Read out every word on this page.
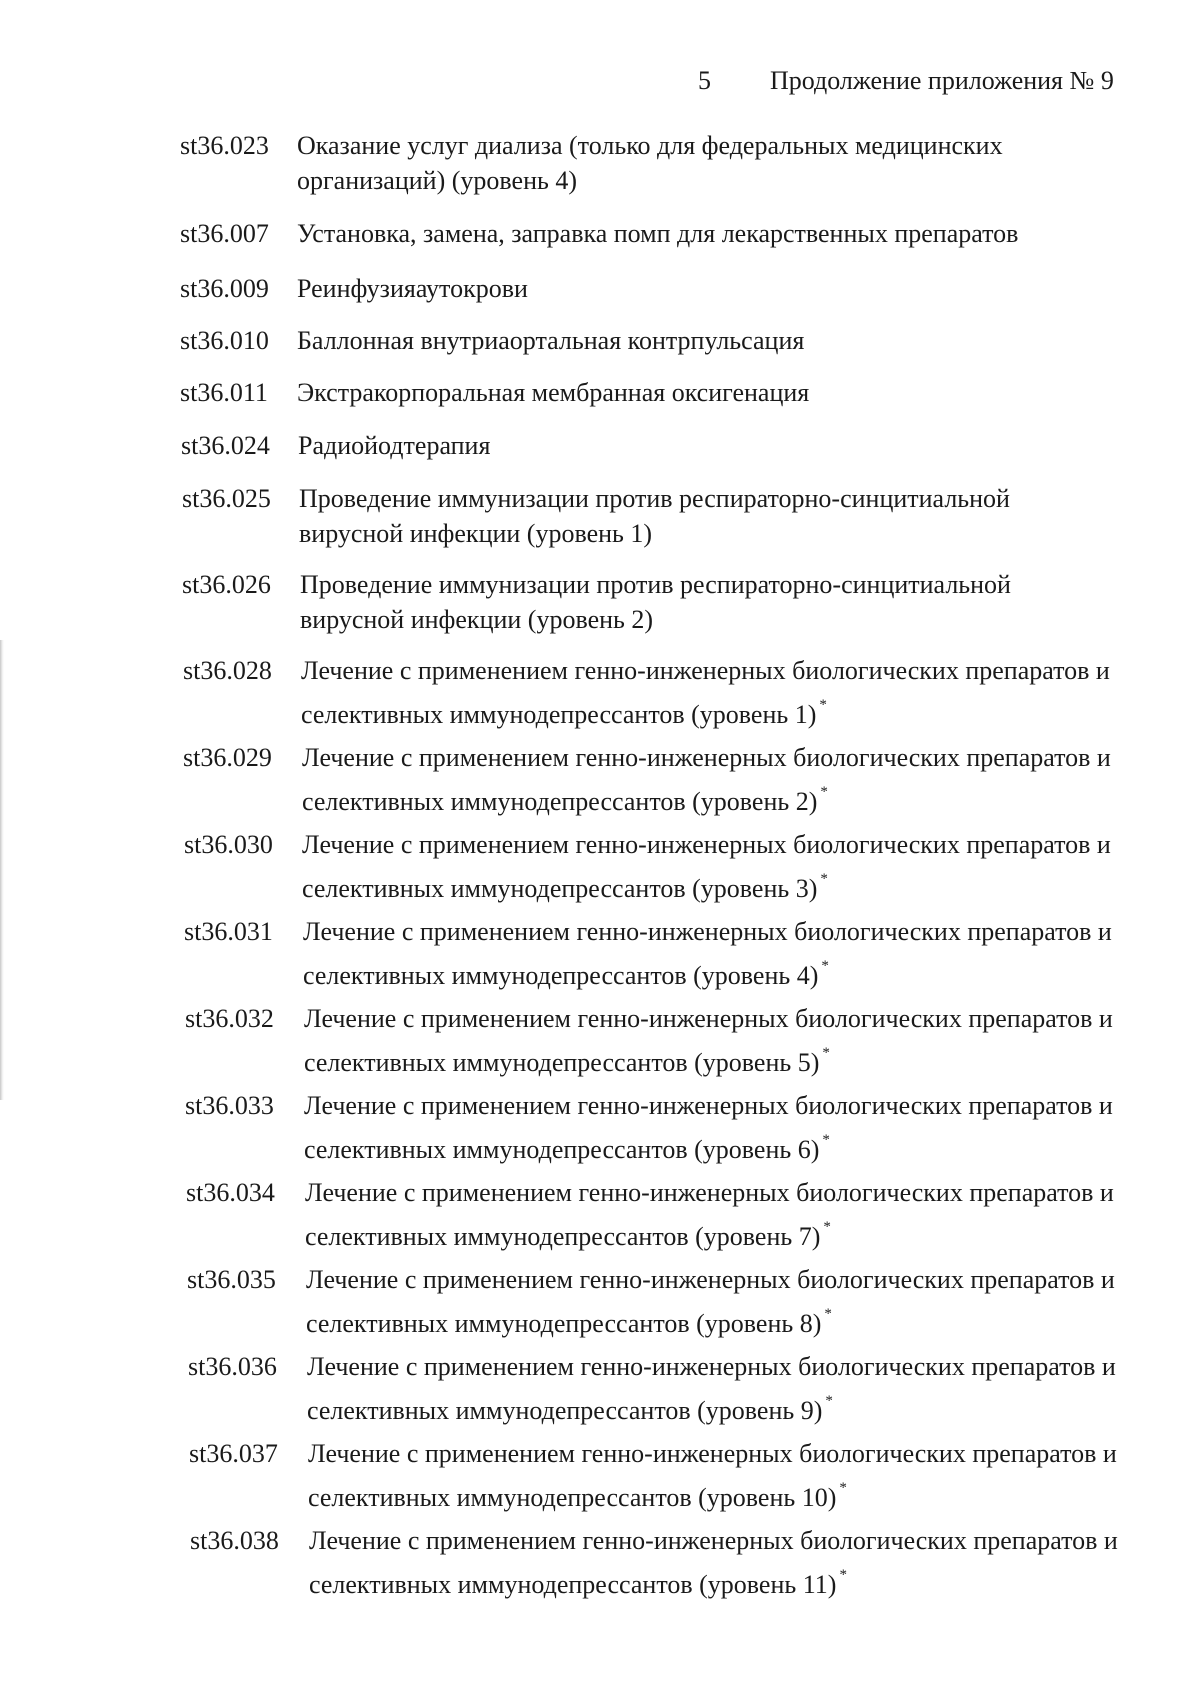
5 Продолжение приложения № 9
st36.023 Оказание услуг диализа (только для федеральных медицинских организаций) (уровень 4)
st36.007 Установка, замена, заправка помп для лекарственных препаратов
st36.009 Реинфузияаутокрови
st36.010 Баллонная внутриаортальная контрпульсация
st36.011 Экстракорпоральная мембранная оксигенация
st36.024 Радиойодтерапия
st36.025 Проведение иммунизации против респираторно-синцитиальной вирусной инфекции (уровень 1)
st36.026 Проведение иммунизации против респираторно-синцитиальной вирусной инфекции (уровень 2)
st36.028 Лечение с применением генно-инженерных биологических препаратов и селективных иммунодепрессантов (уровень 1) *
st36.029 Лечение с применением генно-инженерных биологических препаратов и селективных иммунодепрессантов (уровень 2) *
st36.030 Лечение с применением генно-инженерных биологических препаратов и селективных иммунодепрессантов (уровень 3) *
st36.031 Лечение с применением генно-инженерных биологических препаратов и селективных иммунодепрессантов (уровень 4) *
st36.032 Лечение с применением генно-инженерных биологических препаратов и селективных иммунодепрессантов (уровень 5) *
st36.033 Лечение с применением генно-инженерных биологических препаратов и селективных иммунодепрессантов (уровень 6) *
st36.034 Лечение с применением генно-инженерных биологических препаратов и селективных иммунодепрессантов (уровень 7) *
st36.035 Лечение с применением генно-инженерных биологических препаратов и селективных иммунодепрессантов (уровень 8) *
st36.036 Лечение с применением генно-инженерных биологических препаратов и селективных иммунодепрессантов (уровень 9) *
st36.037 Лечение с применением генно-инженерных биологических препаратов и селективных иммунодепрессантов (уровень 10) *
st36.038 Лечение с применением генно-инженерных биологических препаратов и селективных иммунодепрессантов (уровень 11) *
